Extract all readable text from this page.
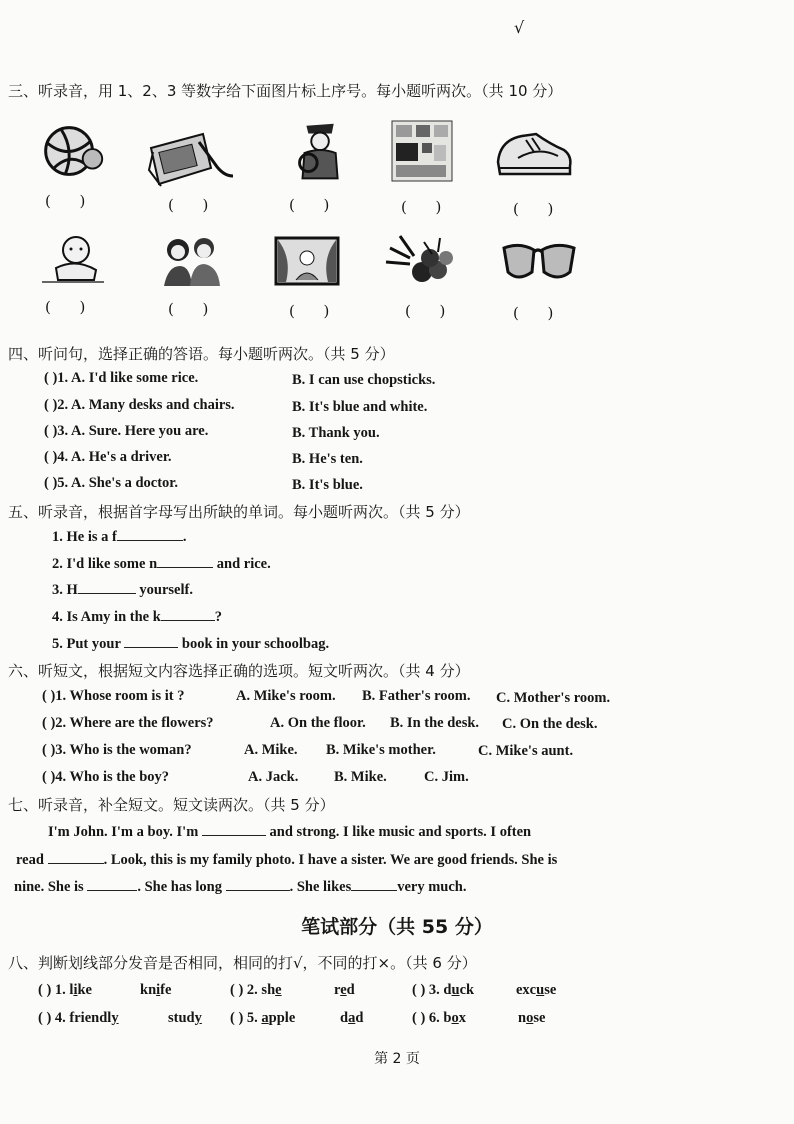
√
三、听录音，用 1、2、3 等数字给下面图片标上序号。每小题听两次。（共 10 分）
(      )	(      )	(      )	(      )	(      )
(      )	(      )	(      )	(      )	(      )
四、听问句，选择正确的答语。每小题听两次。（共 5 分）
( )1. A. I'd like some rice.	B. I can use chopsticks.
( )2. A. Many desks and chairs.	B. It's blue and white.
( )3. A. Sure. Here you are.	B. Thank you.
( )4. A. He's a driver.	B. He's ten.
( )5. A. She's a doctor.	B. It's blue.
五、听录音，根据首字母写出所缺的单词。每小题听两次。（共 5 分）
1. He is a f	.
2. I'd like some n	and rice.
3. H	yourself.
4. Is Amy in the k	?
5. Put your	book in your schoolbag.
六、听短文，根据短文内容选择正确的选项。短文听两次。（共 4 分）
( )1. Whose room is it ?	A. Mike's room. B. Father's room. C. Mother's room.
( )2. Where are the flowers?	A. On the floor. B. In the desk. C. On the desk.
( )3. Who is the woman?	A. Mike. B. Mike's mother.	C. Mike's aunt.
( )4. Who is the boy?	A. Jack. B. Mike.	C. Jim.
七、听录音，补全短文。短文读两次。（共 5 分）
I'm John. I'm a boy. I'm	and strong. I like music and sports. I often
read	. Look, this is my family photo. I have a sister. We are good friends. She is
nine. She is	. She has long	. She likes	very much.
笔试部分（共 55 分）
八、判断划线部分发音是否相同，相同的打√，不同的打×。（共 6 分）
( ) 1. like	knife	( ) 2. she	red	( ) 3. duck	excuse
( ) 4. friendly	study ( ) 5. apple	dad	( ) 6. box	nose
第 2 页
